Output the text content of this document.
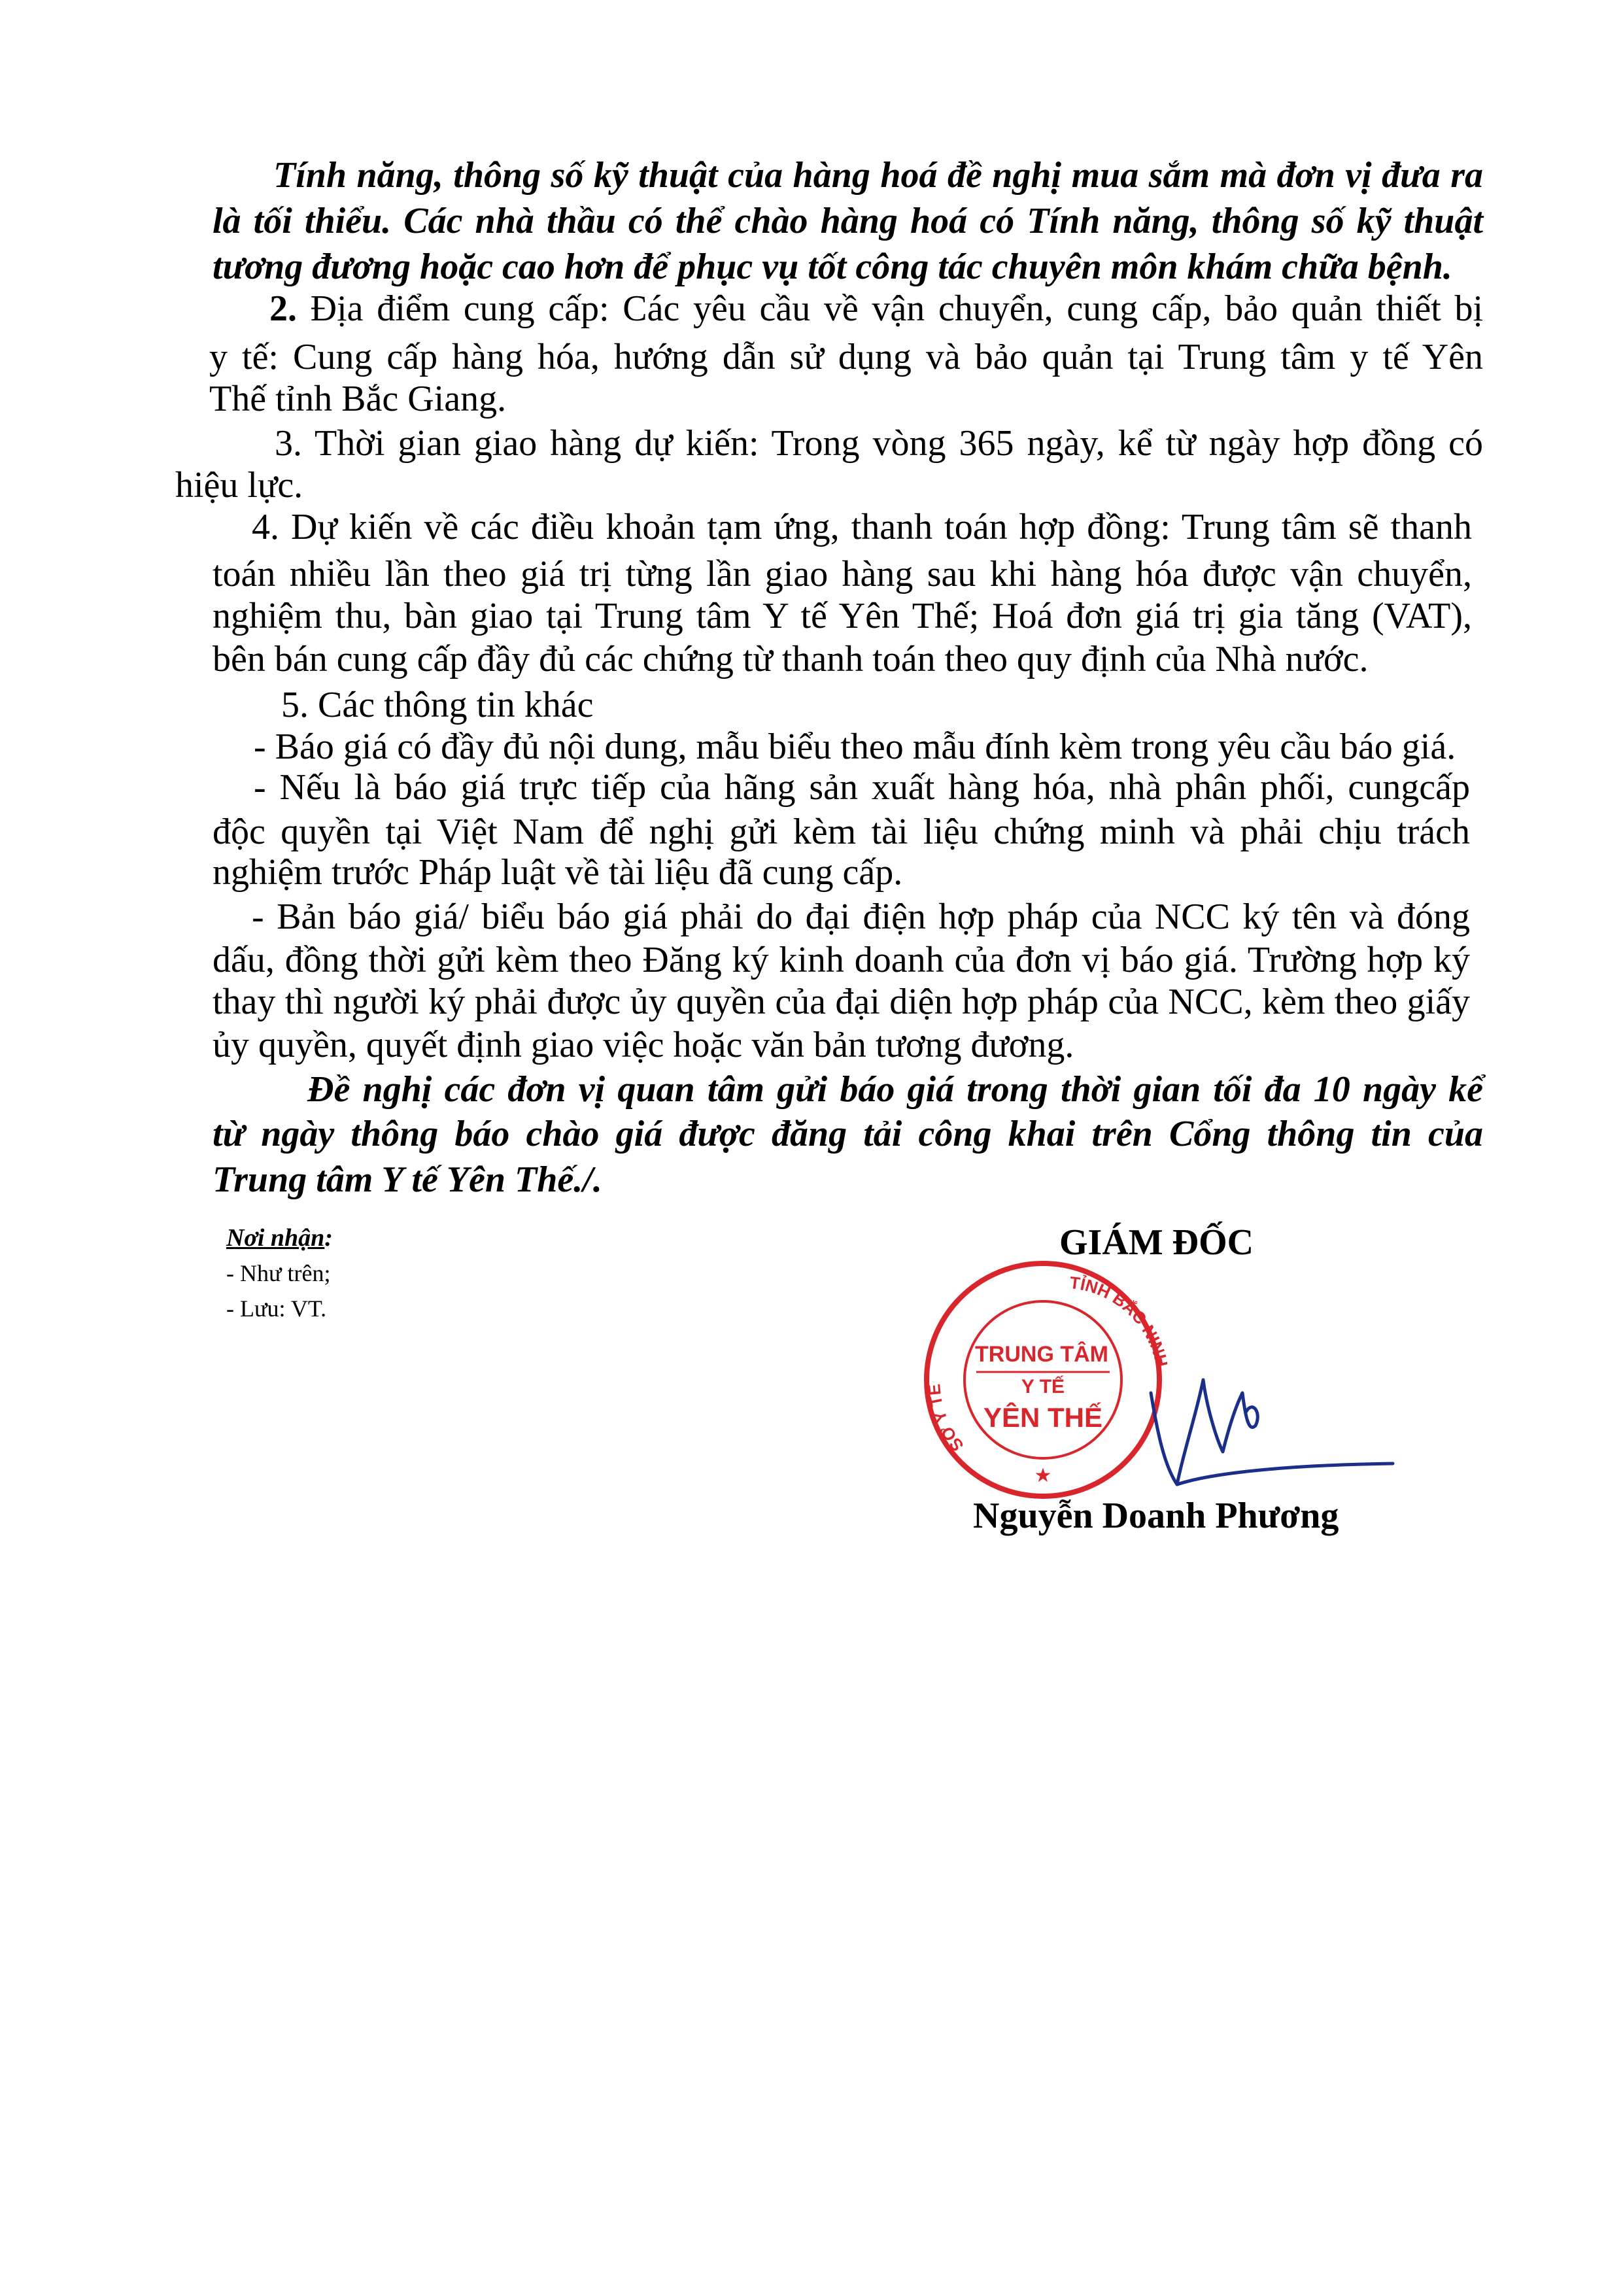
Tính năng, thông số kỹ thuật của hàng hoá đề nghị mua sắm mà đơn vị đưa ra
là tối thiểu. Các nhà thầu có thể chào hàng hoá có Tính năng, thông số kỹ thuật
tương đương hoặc cao hơn để phục vụ tốt công tác chuyên môn khám chữa bệnh.
2. Địa điểm cung cấp: Các yêu cầu về vận chuyển, cung cấp, bảo quản thiết bị
y tế: Cung cấp hàng hóa, hướng dẫn sử dụng và bảo quản tại Trung tâm y tế Yên
Thế tỉnh Bắc Giang.
3. Thời gian giao hàng dự kiến: Trong vòng 365 ngày, kể từ ngày hợp đồng có
hiệu lực.
4. Dự kiến về các điều khoản tạm ứng, thanh toán hợp đồng: Trung tâm sẽ thanh
toán nhiều lần theo giá trị từng lần giao hàng sau khi hàng hóa được vận chuyển,
nghiệm thu, bàn giao tại Trung tâm Y tế Yên Thế; Hoá đơn giá trị gia tăng (VAT),
bên bán cung cấp đầy đủ các chứng từ thanh toán theo quy định của Nhà nước.
5. Các thông tin khác
- Báo giá có đầy đủ nội dung, mẫu biểu theo mẫu đính kèm trong yêu cầu báo giá.
- Nếu là báo giá trực tiếp của hãng sản xuất hàng hóa, nhà phân phối, cungcấp
độc quyền tại Việt Nam để nghị gửi kèm tài liệu chứng minh và phải chịu trách
nghiệm trước Pháp luật về tài liệu đã cung cấp.
- Bản báo giá/ biểu báo giá phải do đại điện hợp pháp của NCC ký tên và đóng
dấu, đồng thời gửi kèm theo Đăng ký kinh doanh của đơn vị báo giá. Trường hợp ký
thay thì người ký phải được ủy quyền của đại diện hợp pháp của NCC, kèm theo giấy
ủy quyền, quyết định giao việc hoặc văn bản tương đương.
Đề nghị các đơn vị quan tâm gửi báo giá trong thời gian tối đa 10 ngày kể
từ ngày thông báo chào giá được đăng tải công khai trên Cổng thông tin của
Trung tâm Y tế Yên Thế./.
Nơi nhận:
- Như trên;
- Lưu: VT.
SỞ Y TẾ
TỈNH BẮC NIN
TRUNG TÂM
Y TẾ
YÊN THẾ
★
GIÁM ĐỐC
Nguyễn Doanh Phương
